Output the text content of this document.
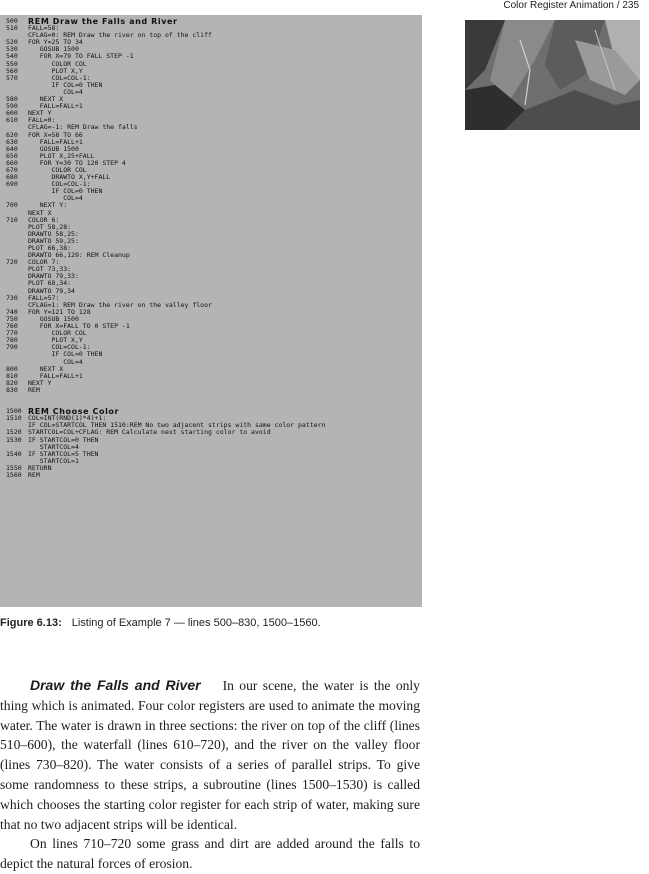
Color Register Animation / 235
500	REM Draw the Falls and River
510	FALL=58:
CFLAG=0: REM Draw the river on top of the cliff
520	FOR Y=25 TO 34
530	GOSUB 1500
540	FOR X=79 TO FALL STEP -1
550	COLOR COL
560	PLOT X,Y
570	COL=COL-1:
IF COL=0 THEN
COL=4
580	NEXT X
590	FALL=FALL+1
600	NEXT Y
610	FALL=0:
CFLAG=-1: REM Draw the falls
620	FOR X=58 TO 66
630	FALL=FALL+1
640	GOSUB 1500
650	PLOT X,25+FALL
660	FOR Y=30 TO 120 STEP 4
670	COLOR COL
680	DRAWTO X,Y+FALL
690	COL=COL-1:
IF COL=0 THEN
COL=4
700	NEXT Y:
NEXT X
710	COLOR 6:
PLOT 58,28:
DRAWTO 58,25:
DRAWTO 59,25:
PLOT 66,38:
DRAWTO 66,129: REM Cleanup
720	COLOR 7:
PLOT 73,33:
DRAWTO 79,33:
PLOT 68,34:
DRAWTO 79,34
730	FALL=57:
CFLAG=1: REM Draw the river on the valley floor
740	FOR Y=121 TO 128
750	GOSUB 1500
760	FOR X=FALL TO 0 STEP -1
770	COLOR COL
780	PLOT X,Y
790	COL=COL-1:
IF COL=0 THEN
COL=4
800	NEXT X
810	FALL=FALL+1
820	NEXT Y
830	REM
1500 REM Choose Color
1510 COL=INT(RND(1)*4)+1:
IF COL=STARTCOL THEN 1510:REM No two adjacent strips with same color pattern
1520 STARTCOL=COL+CFLAG: REM Calculate next starting color to avoid
1530 IF STARTCOL=0 THEN
STARTCOL=4
1540 IF STARTCOL=5 THEN
STARTCOL=1
1550 RETURN
1560 REM
Figure 6.13: Listing of Example 7 — lines 500–830, 1500–1560.

Draw the Falls and River In our scene, the water is the only thing which is animated. Four color registers are used to animate the moving water. The water is drawn in three sections: the river on top of the cliff (lines 510–600), the waterfall (lines 610–720), and the river on the valley floor (lines 730–820). The water consists of a series of parallel strips. To give some randomness to these strips, a subroutine (lines 1500–1530) is called which chooses the starting color register for each strip of water, making sure that no two adjacent strips will be identical.

On lines 710–720 some grass and dirt are added around the falls to depict the natural forces of erosion.
